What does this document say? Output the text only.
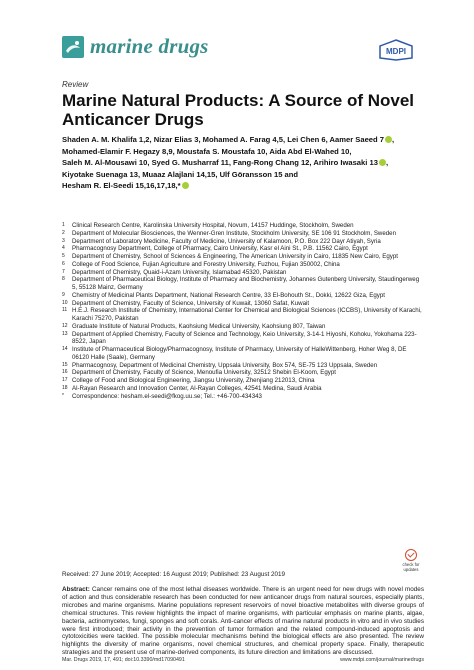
marine drugs	MDPI
Review
Marine Natural Products: A Source of Novel Anticancer Drugs
Shaden A. M. Khalifa 1,2, Nizar Elias 3, Mohamed A. Farag 4,5, Lei Chen 6, Aamer Saeed 7 ,
Mohamed-Elamir F. Hegazy 8,9, Moustafa S. Moustafa 10, Aida Abd El-Wahed 10,
Saleh M. Al-Mousawi 10, Syed G. Musharraf 11, Fang-Rong Chang 12, Arihiro Iwasaki 13 ,
Kiyotake Suenaga 13, Muaaz Alajlani 14,15, Ulf Göransson 15 and
Hesham R. El-Seedi 15,16,17,18,*
1 Clinical Research Centre, Karolinska University Hospital, Novum, 14157 Huddinge, Stockholm, Sweden
2 Department of Molecular Biosciences, the Wenner-Gren Institute, Stockholm University, SE 106 91 Stockholm, Sweden
3 Department of Laboratory Medicine, Faculty of Medicine, University of Kalamoon, P.O. Box 222 Dayr Atiyah, Syria
4 Pharmacognosy Department, College of Pharmacy, Cairo University, Kasr el Aini St., P.B. 11562 Cairo, Egypt
5 Department of Chemistry, School of Sciences & Engineering, The American University in Cairo, 11835 New Cairo, Egypt
6 College of Food Science, Fujian Agriculture and Forestry University, Fuzhou, Fujian 350002, China
7 Department of Chemistry, Quaid-i-Azam University, Islamabad 45320, Pakistan
8 Department of Pharmaceutical Biology, Institute of Pharmacy and Biochemistry, Johannes Gutenberg University, Staudingerweg 5, 55128 Mainz, Germany
9 Chemistry of Medicinal Plants Department, National Research Centre, 33 El-Bohouth St., Dokki, 12622 Giza, Egypt
10 Department of Chemistry, Faculty of Science, University of Kuwait, 13060 Safat, Kuwait
11 H.E.J. Research Institute of Chemistry, International Center for Chemical and Biological Sciences (ICCBS), University of Karachi, Karachi 75270, Pakistan
12 Graduate Institute of Natural Products, Kaohsiung Medical University, Kaohsiung 807, Taiwan
13 Department of Applied Chemistry, Faculty of Science and Technology, Keio University, 3-14-1 Hiyoshi, Kohoku, Yokohama 223-8522, Japan
14 Institute of Pharmaceutical Biology/Pharmacognosy, Institute of Pharmacy, University of HalleWittenberg, Hoher Weg 8, DE 06120 Halle (Saale), Germany
15 Pharmacognosy, Department of Medicinal Chemistry, Uppsala University, Box 574, SE-75 123 Uppsala, Sweden
16 Department of Chemistry, Faculty of Science, Menoufia University, 32512 Shebin El-Koom, Egypt
17 College of Food and Biological Engineering, Jiangsu University, Zhenjiang 212013, China
18 Al-Rayan Research and Innovation Center, Al-Rayan Colleges, 42541 Medina, Saudi Arabia
* Correspondence: hesham.el-seedi@fkog.uu.se; Tel.: +46-700-434343
check for
updates
Received: 27 June 2019; Accepted: 16 August 2019; Published: 23 August 2019
Abstract: Cancer remains one of the most lethal diseases worldwide. There is an urgent need for new drugs with novel modes of action and thus considerable research has been conducted for new anticancer drugs from natural sources, especially plants, microbes and marine organisms. Marine populations represent reservoirs of novel bioactive metabolites with diverse groups of chemical structures. This review highlights the impact of marine organisms, with particular emphasis on marine plants, algae, bacteria, actinomycetes, fungi, sponges and soft corals. Anti-cancer effects of marine natural products in vitro and in vivo studies were first introduced; their activity in the prevention of tumor formation and the related compound-induced apoptosis and cytotoxicities were tackled. The possible molecular mechanisms behind the biological effects are also presented. The review highlights the diversity of marine organisms, novel chemical structures, and chemical property space. Finally, therapeutic strategies and the present use of marine-derived components, its future direction and limitations are discussed.
Mar. Drugs 2019, 17, 491; doi:10.3390/md17090491	www.mdpi.com/journal/marinedrugs
